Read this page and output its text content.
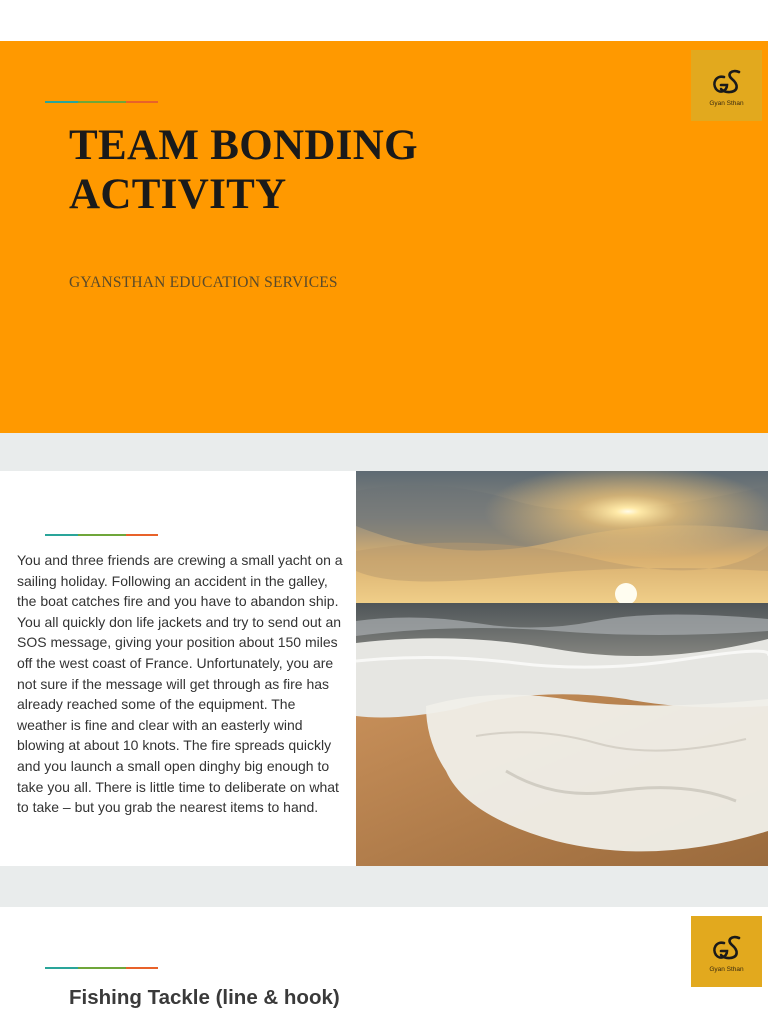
TEAM BONDING ACTIVITY
GYANSTHAN EDUCATION SERVICES
Gyan Sthan
You and three friends are crewing a small yacht on a sailing holiday. Following an accident in the galley, the boat catches fire and you have to abandon ship. You all quickly don life jackets and try to send out an SOS message, giving your position about 150 miles off the west coast of France. Unfortunately, you are not sure if the message will get through as fire has already reached some of the equipment. The weather is fine and clear with an easterly wind blowing at about 10 knots. The fire spreads quickly and you launch a small open dinghy big enough to take you all. There is little time to deliberate on what to take – but you grab the nearest items to hand.
Fishing Tackle (line & hook)
Gyan Sthan
